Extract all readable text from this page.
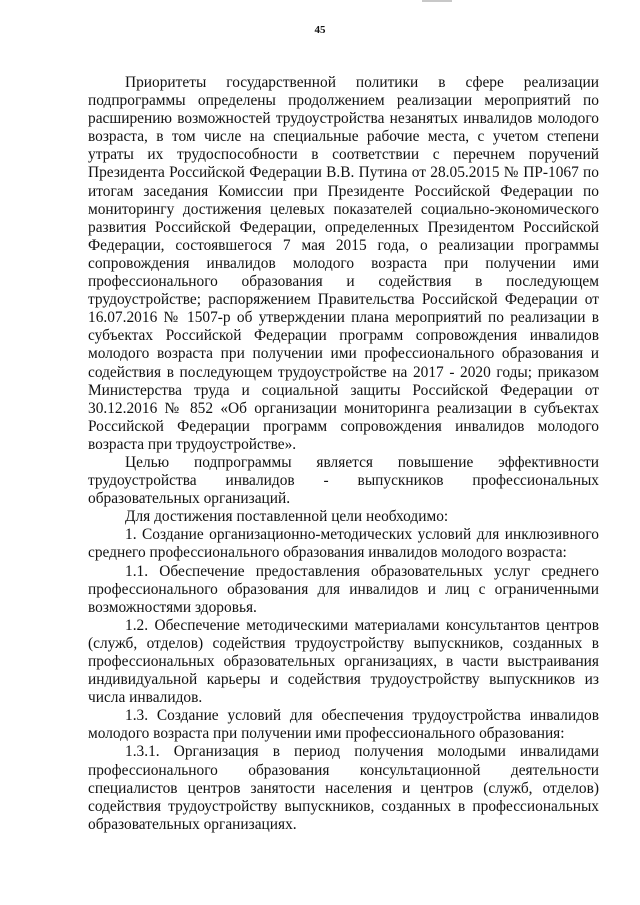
45

Приоритеты государственной политики в сфере реализации подпрограммы определены продолжением реализации мероприятий по расширению возможностей трудоустройства незанятых инвалидов молодого возраста, в том числе на специальные рабочие места, с учетом степени утраты их трудоспособности в соответствии с перечнем поручений Президента Российской Федерации В.В. Путина от 28.05.2015 № ПР-1067 по итогам заседания Комиссии при Президенте Российской Федерации по мониторингу достижения целевых показателей социально-экономического развития Российской Федерации, определенных Президентом Российской Федерации, состоявшегося 7 мая 2015 года, о реализации программы сопровождения инвалидов молодого возраста при получении ими профессионального образования и содействия в последующем трудоустройстве; распоряжением Правительства Российской Федерации от 16.07.2016 № 1507-р об утверждении плана мероприятий по реализации в субъектах Российской Федерации программ сопровождения инвалидов молодого возраста при получении ими профессионального образования и содействия в последующем трудоустройстве на 2017 - 2020 годы; приказом Министерства труда и социальной защиты Российской Федерации от 30.12.2016 № 852 «Об организации мониторинга реализации в субъектах Российской Федерации программ сопровождения инвалидов молодого возраста при трудоустройстве».

Целью подпрограммы является повышение эффективности трудоустройства инвалидов - выпускников профессиональных образовательных организаций.

Для достижения поставленной цели необходимо:

1. Создание организационно-методических условий для инклюзивного среднего профессионального образования инвалидов молодого возраста:

1.1. Обеспечение предоставления образовательных услуг среднего профессионального образования для инвалидов и лиц с ограниченными возможностями здоровья.

1.2. Обеспечение методическими материалами консультантов центров (служб, отделов) содействия трудоустройству выпускников, созданных в профессиональных образовательных организациях, в части выстраивания индивидуальной карьеры и содействия трудоустройству выпускников из числа инвалидов.

1.3. Создание условий для обеспечения трудоустройства инвалидов молодого возраста при получении ими профессионального образования:

1.3.1. Организация в период получения молодыми инвалидами профессионального образования консультационной деятельности специалистов центров занятости населения и центров (служб, отделов) содействия трудоустройству выпускников, созданных в профессиональных образовательных организациях.
